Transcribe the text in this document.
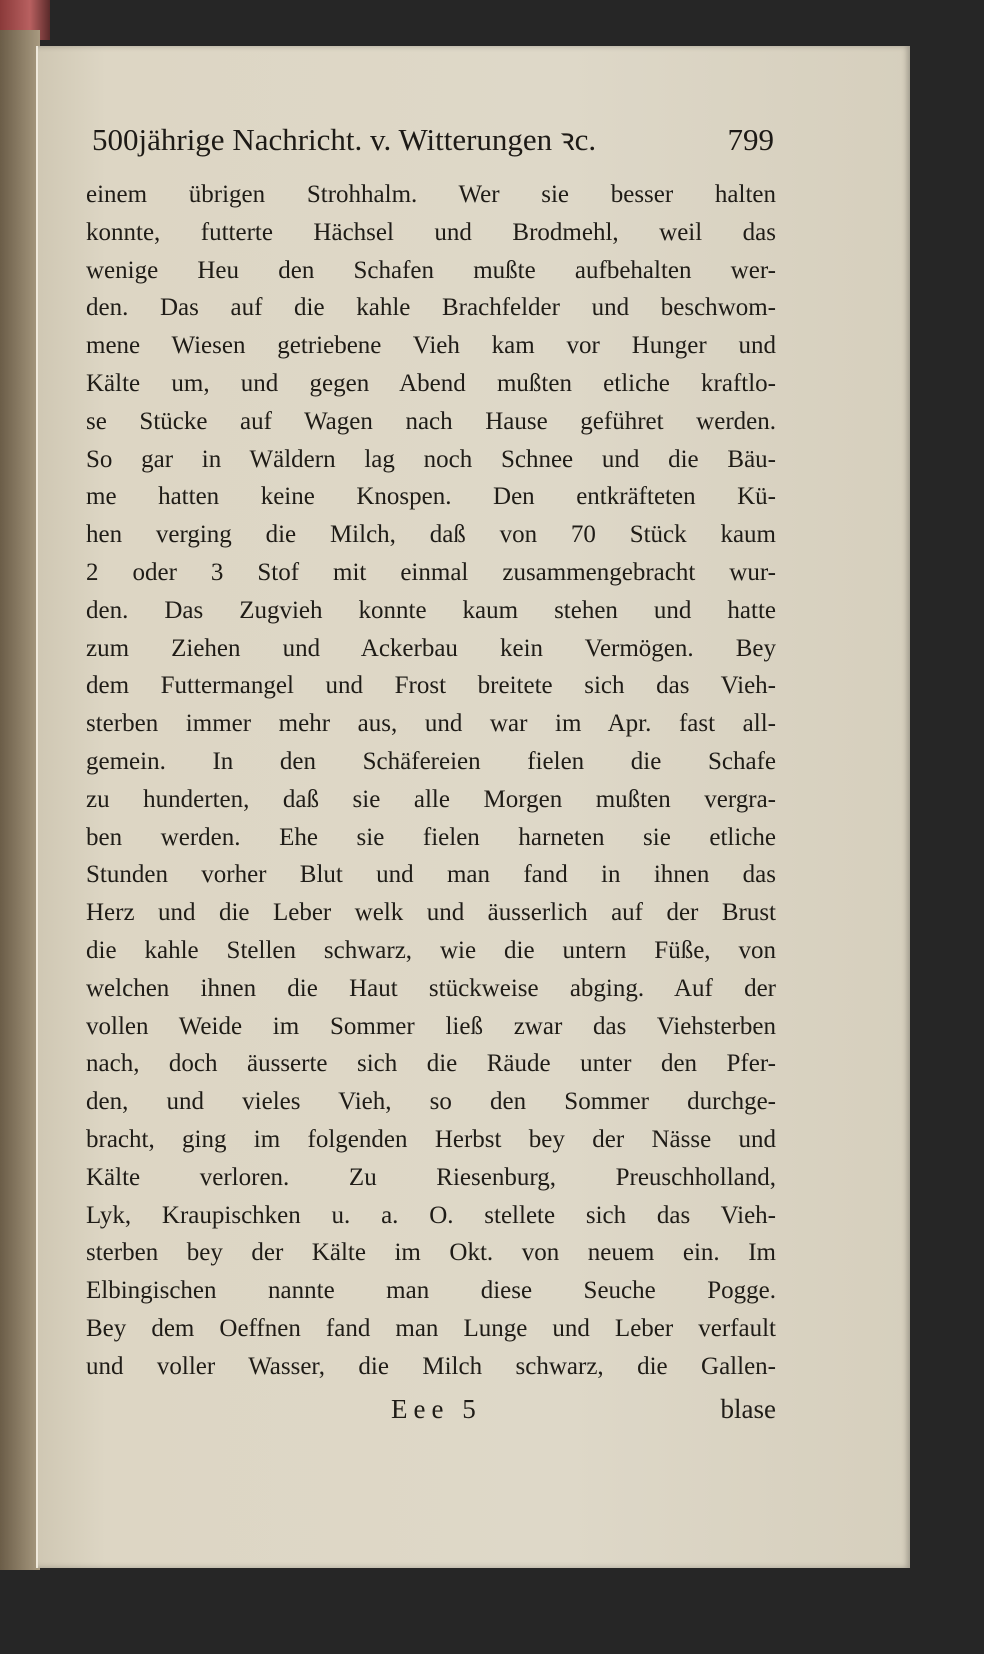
500jährige Nachricht. v. Witterungen ꝛc.	799
einem übrigen Strohhalm. Wer sie besser halten
konnte, futterte Hächsel und Brodmehl, weil das
wenige Heu den Schafen mußte aufbehalten wer-
den. Das auf die kahle Brachfelder und beschwom-
mene Wiesen getriebene Vieh kam vor Hunger und
Kälte um, und gegen Abend mußten etliche kraftlo-
se Stücke auf Wagen nach Hause geführet werden.
So gar in Wäldern lag noch Schnee und die Bäu-
me hatten keine Knospen. Den entkräfteten Kü-
hen verging die Milch, daß von 70 Stück kaum
2 oder 3 Stof mit einmal zusammengebracht wur-
den. Das Zugvieh konnte kaum stehen und hatte
zum Ziehen und Ackerbau kein Vermögen. Bey
dem Futtermangel und Frost breitete sich das Vieh-
sterben immer mehr aus, und war im Apr. fast all-
gemein. In den Schäfereien fielen die Schafe
zu hunderten, daß sie alle Morgen mußten vergra-
ben werden. Ehe sie fielen harneten sie etliche
Stunden vorher Blut und man fand in ihnen das
Herz und die Leber welk und äusserlich auf der Brust
die kahle Stellen schwarz, wie die untern Füße, von
welchen ihnen die Haut stückweise abging. Auf der
vollen Weide im Sommer ließ zwar das Viehsterben
nach, doch äusserte sich die Räude unter den Pfer-
den, und vieles Vieh, so den Sommer durchge-
bracht, ging im folgenden Herbst bey der Nässe und
Kälte verloren. Zu Riesenburg, Preuschholland,
Lyk, Kraupischken u. a. O. stellete sich das Vieh-
sterben bey der Kälte im Okt. von neuem ein. Im
Elbingischen nannte man diese Seuche Pogge.
Bey dem Oeffnen fand man Lunge und Leber verfault
und voller Wasser, die Milch schwarz, die Gallen-
Eee 5	blase
